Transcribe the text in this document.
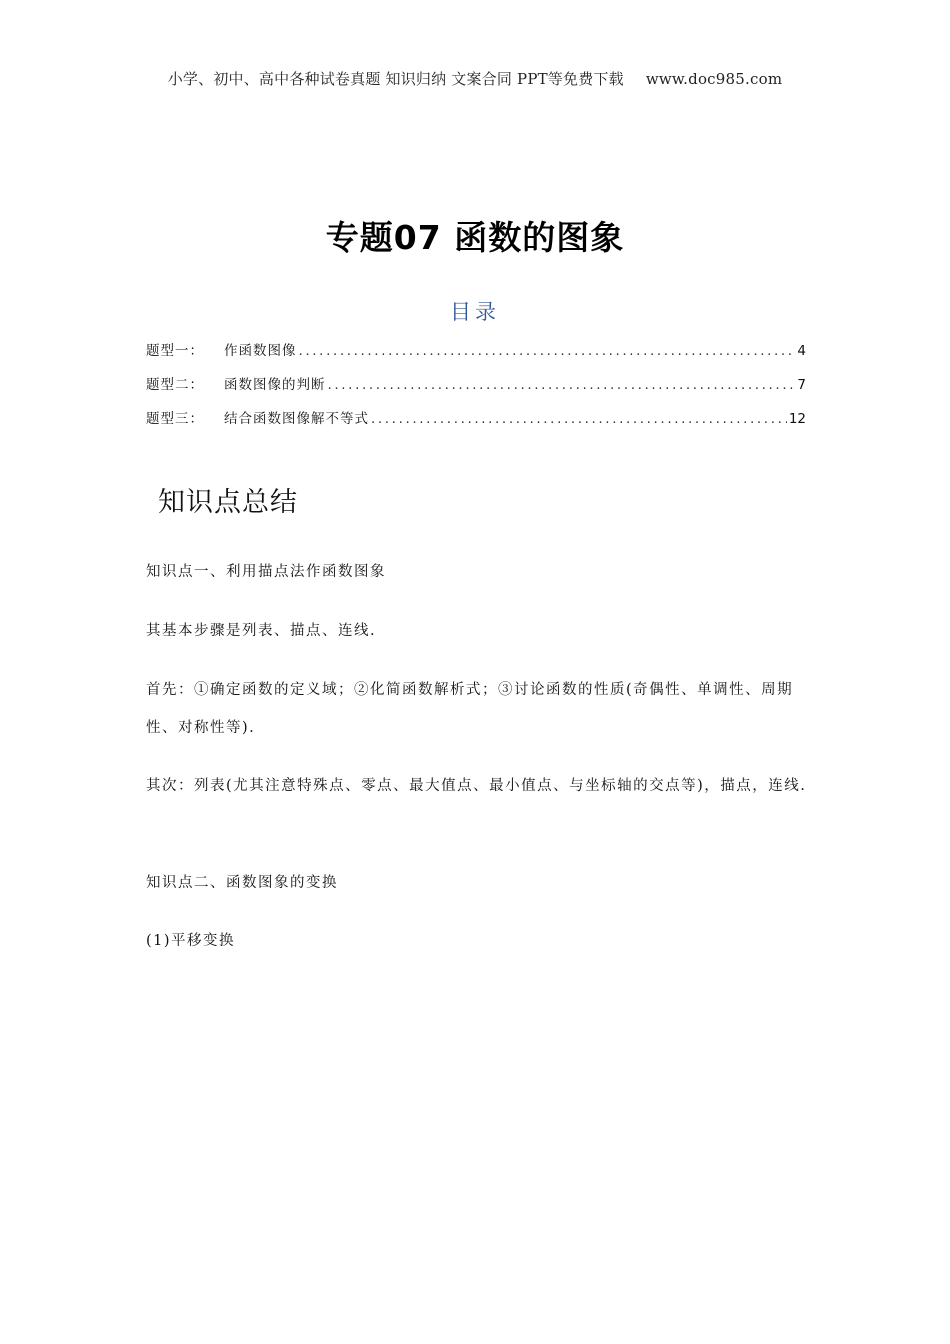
小学、初中、高中各种试卷真题 知识归纳 文案合同 PPT等免费下载 www.doc985.com
专题07 函数的图象
目录
题型一： 作函数图像 .....	4
题型二： 函数图像的判断 .....	7
题型三： 结合函数图像解不等式 .....	12
知识点总结
知识点一、利用描点法作函数图象
其基本步骤是列表、描点、连线.
首先：①确定函数的定义域；②化简函数解析式；③讨论函数的性质(奇偶性、单调性、周期性、对称性等).
其次：列表(尤其注意特殊点、零点、最大值点、最小值点、与坐标轴的交点等)，描点，连线.
知识点二、函数图象的变换
(1)平移变换
